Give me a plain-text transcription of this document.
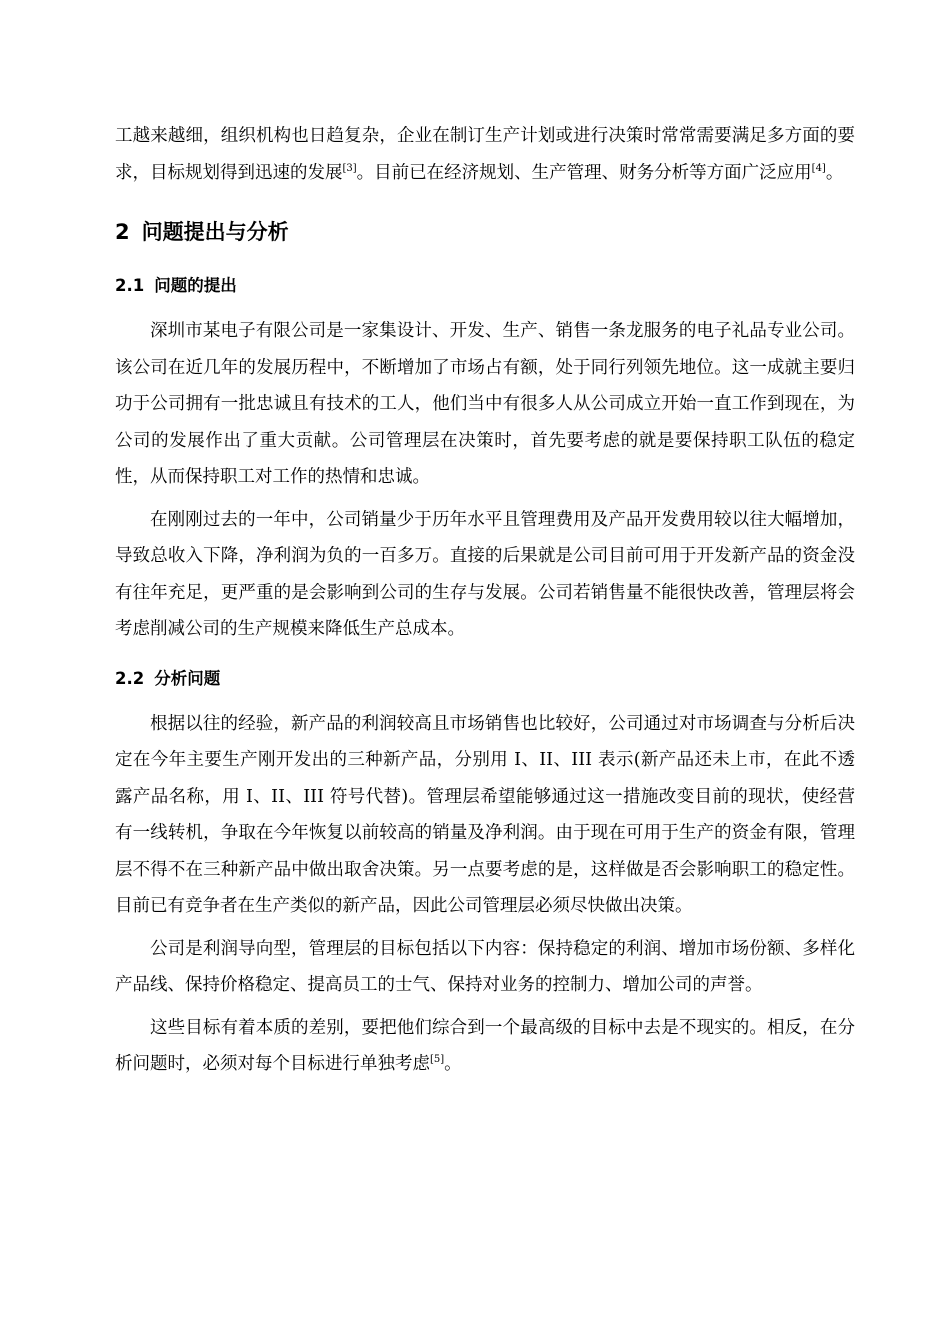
工越来越细，组织机构也日趋复杂，企业在制订生产计划或进行决策时常常需要满足多方面的要求，目标规划得到迅速的发展[3]。目前已在经济规划、生产管理、财务分析等方面广泛应用[4]。

2 问题提出与分析
2.1 问题的提出

深圳市某电子有限公司是一家集设计、开发、生产、销售一条龙服务的电子礼品专业公司。该公司在近几年的发展历程中，不断增加了市场占有额，处于同行列领先地位。这一成就主要归功于公司拥有一批忠诚且有技术的工人，他们当中有很多人从公司成立开始一直工作到现在，为公司的发展作出了重大贡献。公司管理层在决策时，首先要考虑的就是要保持职工队伍的稳定性，从而保持职工对工作的热情和忠诚。

在刚刚过去的一年中，公司销量少于历年水平且管理费用及产品开发费用较以往大幅增加，导致总收入下降，净利润为负的一百多万。直接的后果就是公司目前可用于开发新产品的资金没有往年充足，更严重的是会影响到公司的生存与发展。公司若销售量不能很快改善，管理层将会考虑削减公司的生产规模来降低生产总成本。

2.2 分析问题

根据以往的经验，新产品的利润较高且市场销售也比较好，公司通过对市场调查与分析后决定在今年主要生产刚开发出的三种新产品，分别用 I、II、III 表示(新产品还未上市，在此不透露产品名称，用 I、II、III 符号代替)。管理层希望能够通过这一措施改变目前的现状，使经营有一线转机，争取在今年恢复以前较高的销量及净利润。由于现在可用于生产的资金有限，管理层不得不在三种新产品中做出取舍决策。另一点要考虑的是，这样做是否会影响职工的稳定性。目前已有竞争者在生产类似的新产品，因此公司管理层必须尽快做出决策。

公司是利润导向型，管理层的目标包括以下内容：保持稳定的利润、增加市场份额、多样化产品线、保持价格稳定、提高员工的士气、保持对业务的控制力、增加公司的声誉。

这些目标有着本质的差别，要把他们综合到一个最高级的目标中去是不现实的。相反，在分析问题时，必须对每个目标进行单独考虑[5]。
